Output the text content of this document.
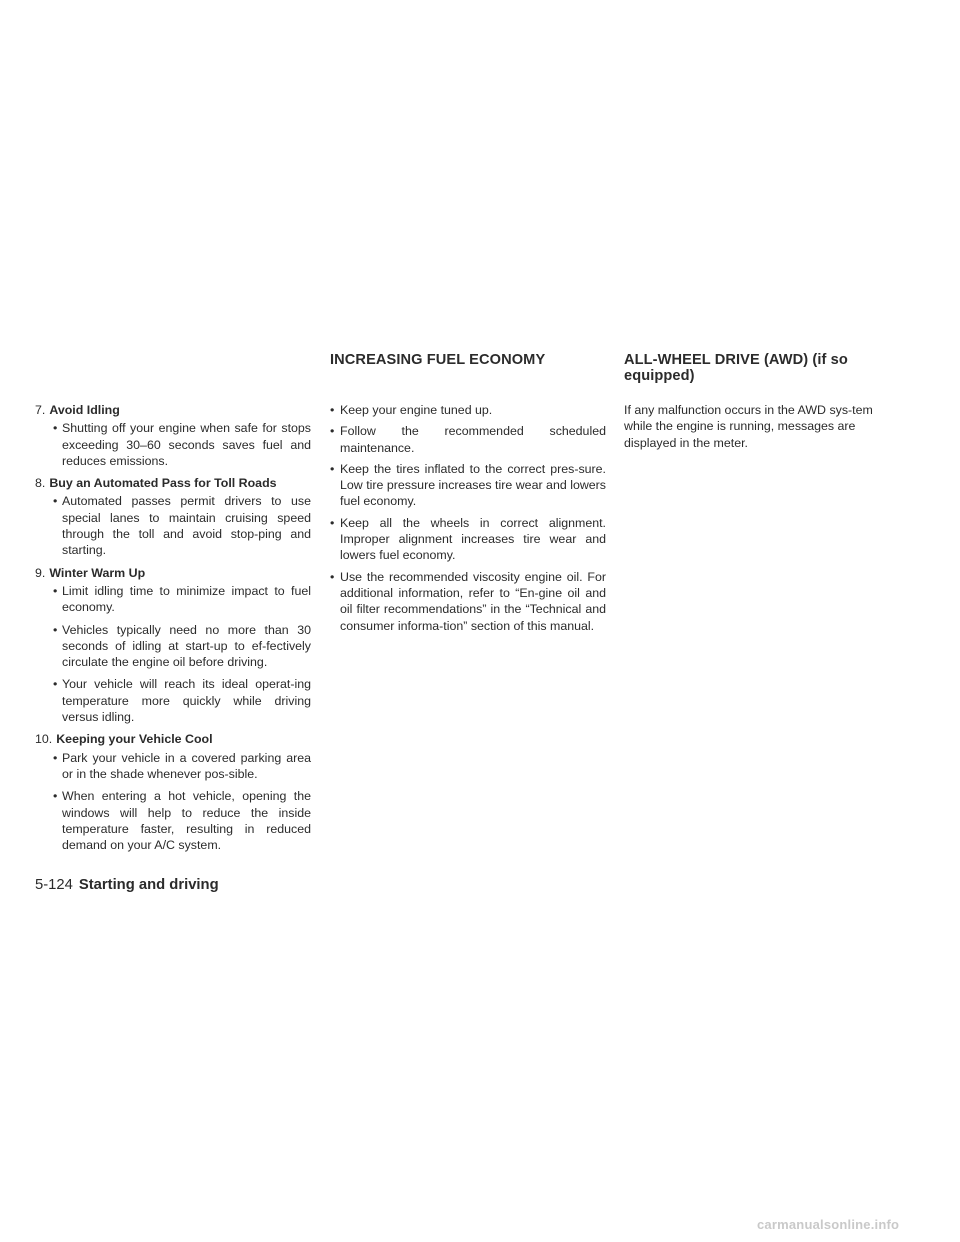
INCREASING FUEL ECONOMY	ALL-WHEEL DRIVE (AWD) (if so equipped)
7. Avoid Idling
• Shutting off your engine when safe for stops exceeding 30–60 seconds saves fuel and reduces emissions.
8. Buy an Automated Pass for Toll Roads
• Automated passes permit drivers to use special lanes to maintain cruising speed through the toll and avoid stop-ping and starting.
9. Winter Warm Up
• Limit idling time to minimize impact to fuel economy.
• Vehicles typically need no more than 30 seconds of idling at start-up to ef-fectively circulate the engine oil before driving.
• Your vehicle will reach its ideal operat-ing temperature more quickly while driving versus idling.
10. Keeping your Vehicle Cool
• Park your vehicle in a covered parking area or in the shade whenever pos-sible.
• When entering a hot vehicle, opening the windows will help to reduce the inside temperature faster, resulting in reduced demand on your A/C system.
• Keep your engine tuned up.
• Follow the recommended scheduled maintenance.
• Keep the tires inflated to the correct pres-sure. Low tire pressure increases tire wear and lowers fuel economy.
• Keep all the wheels in correct alignment. Improper alignment increases tire wear and lowers fuel economy.
• Use the recommended viscosity engine oil. For additional information, refer to “En-gine oil and oil filter recommendations” in the “Technical and consumer informa-tion” section of this manual.
If any malfunction occurs in the AWD sys-tem while the engine is running, messages are displayed in the meter.
5-124 Starting and driving
carmanualsonline.info
